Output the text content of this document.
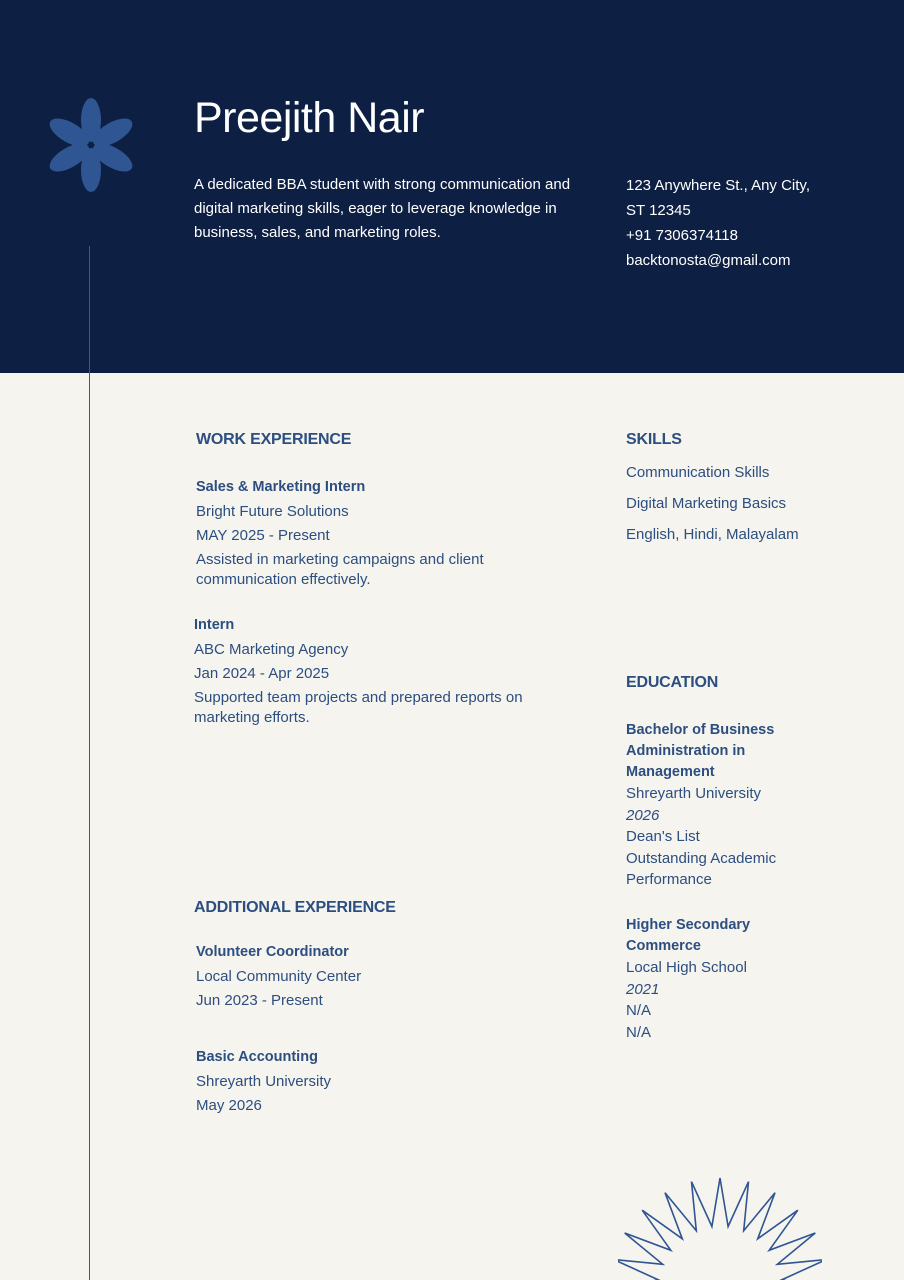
Preejith Nair

A dedicated BBA student with strong communication and digital marketing skills, eager to leverage knowledge in business, sales, and marketing roles.

123 Anywhere St., Any City,
ST 12345
+91 7306374118
backtonosta@gmail.com
WORK EXPERIENCE
Sales & Marketing Intern
Bright Future Solutions
MAY 2025 - Present
Assisted in marketing campaigns and client communication effectively.
Intern
ABC Marketing Agency
Jan 2024 - Apr 2025
Supported team projects and prepared reports on marketing efforts.
ADDITIONAL EXPERIENCE
Volunteer Coordinator
Local Community Center
Jun 2023 - Present
Basic Accounting
Shreyarth University
May 2026
SKILLS
Communication Skills
Digital Marketing Basics
English, Hindi, Malayalam
EDUCATION
Bachelor of Business Administration in Management
Shreyarth University
2026
Dean's List
Outstanding Academic Performance
Higher Secondary Commerce
Local High School
2021
N/A
N/A
